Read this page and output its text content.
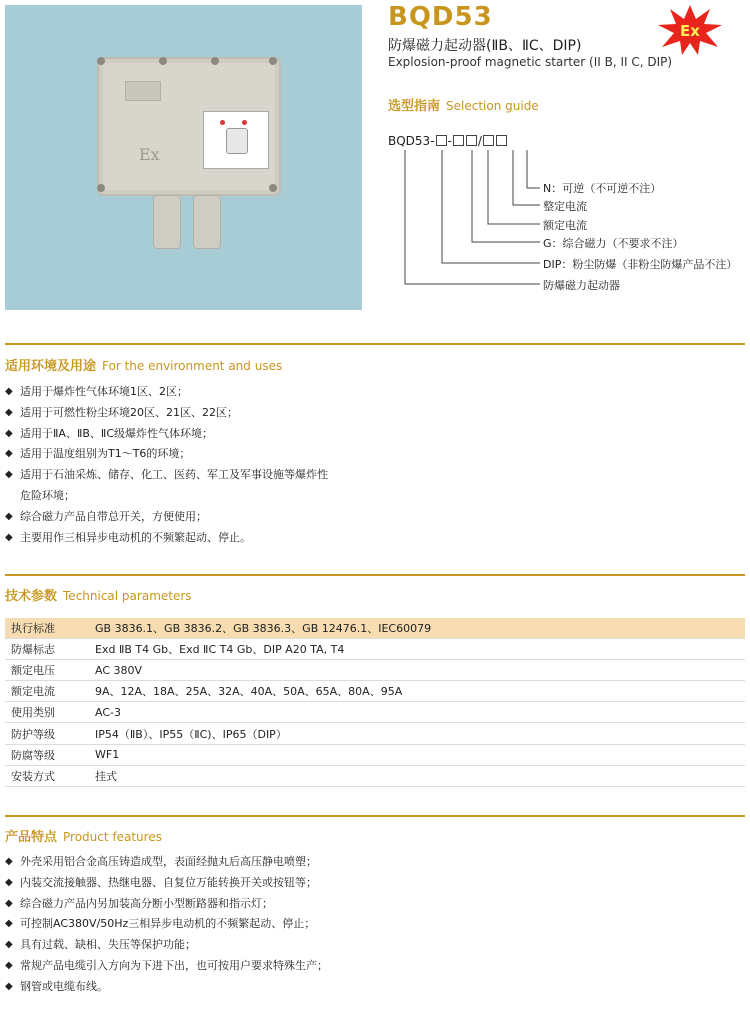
Ex
BQD53
防爆磁力起动器(ⅡB、ⅡC、DIP)
Explosion-proof magnetic starter (II B, II C, DIP)
Ex
选型指南 Selection guide
BQD53- - /
N：可逆（不可逆不注）
整定电流
额定电流
G：综合磁力（不要求不注）
DIP：粉尘防爆（非粉尘防爆产品不注）
防爆磁力起动器
适用环境及用途 For the environment and uses
◆ 适用于爆炸性气体环境1区、2区；
◆ 适用于可燃性粉尘环境20区、21区、22区；
◆ 适用于ⅡA、ⅡB、ⅡC级爆炸性气体环境；
◆ 适用于温度组别为T1～T6的环境；
◆ 适用于石油采炼、储存、化工、医药、军工及军事设施等爆炸性
危险环境；
◆ 综合磁力产品自带总开关，方便使用；
◆ 主要用作三相异步电动机的不频繁起动、停止。
技术参数 Technical parameters
执行标准	GB 3836.1、GB 3836.2、GB 3836.3、GB 12476.1、IEC60079
防爆标志	Exd ⅡB T4 Gb、Exd ⅡC T4 Gb、DIP A20 TA, T4
额定电压	AC 380V
额定电流	9A、12A、18A、25A、32A、40A、50A、65A、80A、95A
使用类别	AC-3
防护等级	IP54（ⅡB）、IP55（ⅡC)、IP65（DIP）
防腐等级	WF1
安装方式	挂式
产品特点 Product features
◆ 外壳采用铝合金高压铸造成型，表面经抛丸后高压静电喷塑；
◆ 内装交流接触器、热继电器、自复位万能转换开关或按钮等；
◆ 综合磁力产品内另加装高分断小型断路器和指示灯；
◆ 可控制AC380V/50Hz三相异步电动机的不频繁起动、停止；
◆ 具有过载、缺相、失压等保护功能；
◆ 常规产品电缆引入方向为下进下出，也可按用户要求特殊生产；
◆ 钢管或电缆布线。
